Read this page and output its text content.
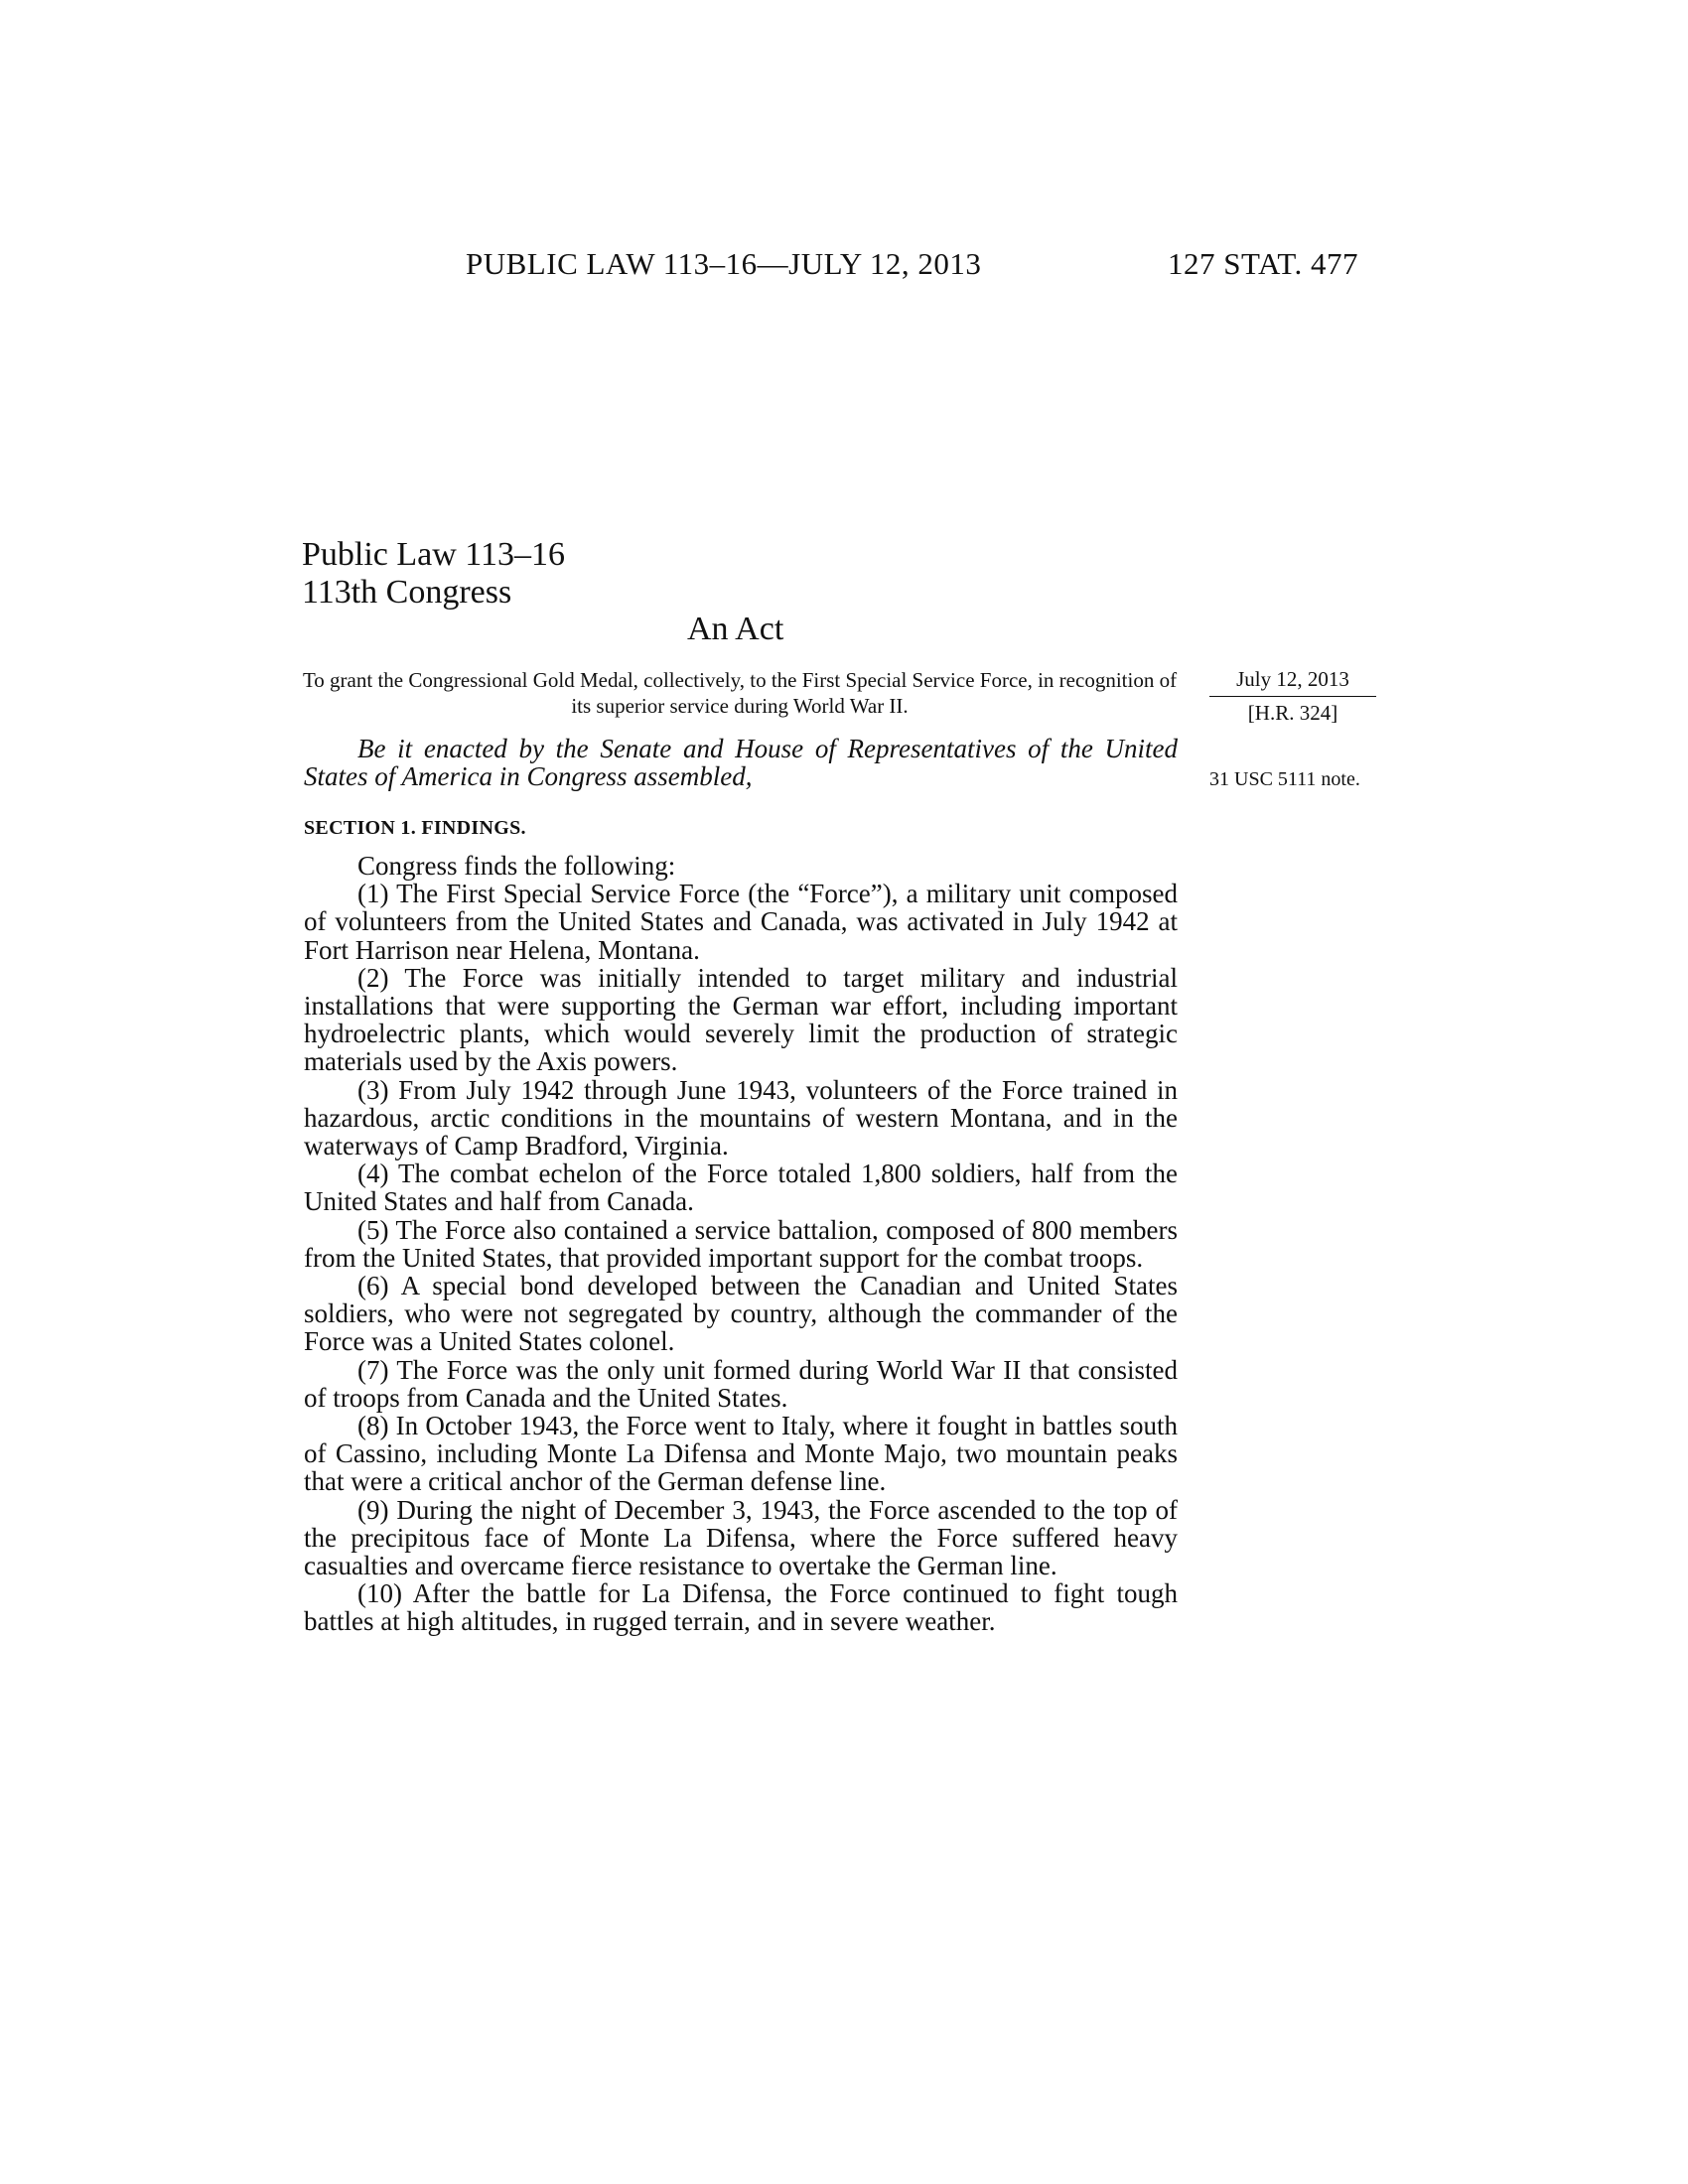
PUBLIC LAW 113–16—JULY 12, 2013	127 STAT. 477
Public Law 113–16
113th Congress
An Act
To grant the Congressional Gold Medal, collectively, to the First Special Service Force, in recognition of its superior service during World War II.
July 12, 2013
[H.R. 324]
Be it enacted by the Senate and House of Representatives of the United States of America in Congress assembled,	31 USC 5111 note.
SECTION 1. FINDINGS.

Congress finds the following:

(1) The First Special Service Force (the “Force”), a military unit composed of volunteers from the United States and Canada, was activated in July 1942 at Fort Harrison near Helena, Montana.

(2) The Force was initially intended to target military and industrial installations that were supporting the German war effort, including important hydroelectric plants, which would severely limit the production of strategic materials used by the Axis powers.

(3) From July 1942 through June 1943, volunteers of the Force trained in hazardous, arctic conditions in the mountains of western Montana, and in the waterways of Camp Bradford, Virginia.

(4) The combat echelon of the Force totaled 1,800 soldiers, half from the United States and half from Canada.

(5) The Force also contained a service battalion, composed of 800 members from the United States, that provided important support for the combat troops.

(6) A special bond developed between the Canadian and United States soldiers, who were not segregated by country, although the commander of the Force was a United States colonel.

(7) The Force was the only unit formed during World War II that consisted of troops from Canada and the United States.

(8) In October 1943, the Force went to Italy, where it fought in battles south of Cassino, including Monte La Difensa and Monte Majo, two mountain peaks that were a critical anchor of the German defense line.

(9) During the night of December 3, 1943, the Force ascended to the top of the precipitous face of Monte La Difensa, where the Force suffered heavy casualties and overcame fierce resistance to overtake the German line.

(10) After the battle for La Difensa, the Force continued to fight tough battles at high altitudes, in rugged terrain, and in severe weather.
